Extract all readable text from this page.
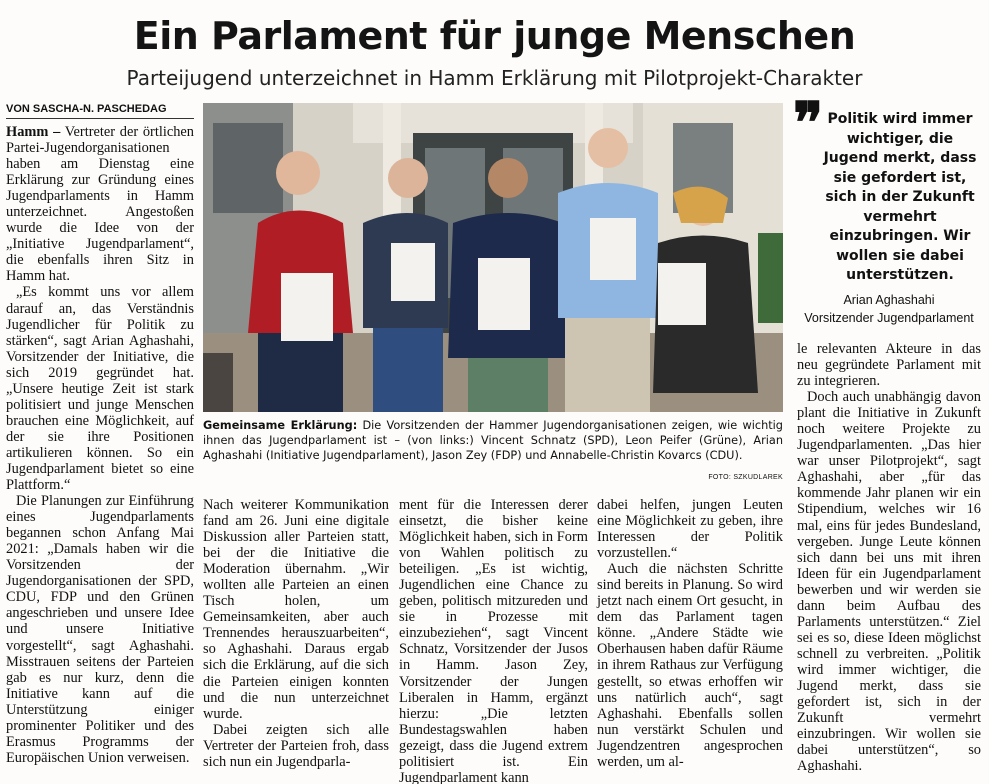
Ein Parlament für junge Menschen
Parteijugend unterzeichnet in Hamm Erklärung mit Pilotprojekt-Charakter
VON SASCHA-N. PASCHEDAG

Hamm – Vertreter der örtlichen Partei-Jugendorganisationen haben am Dienstag eine Erklärung zur Gründung eines Jugendparlaments in Hamm unterzeichnet. Angestoßen wurde die Idee von der „Initiative Jugendparlament“, die ebenfalls ihren Sitz in Hamm hat.

„Es kommt uns vor allem darauf an, das Verständnis Jugendlicher für Politik zu stärken“, sagt Arian Aghashahi, Vorsitzender der Initiative, die sich 2019 gegründet hat. „Unsere heutige Zeit ist stark politisiert und junge Menschen brauchen eine Möglichkeit, auf der sie ihre Positionen artikulieren können. So ein Jugendparlament bietet so eine Plattform.“

Die Planungen zur Einführung eines Jugendparlaments begannen schon Anfang Mai 2021: „Damals haben wir die Vorsitzenden der Jugendorganisationen der SPD, CDU, FDP und den Grünen angeschrieben und unsere Idee und unsere Initiative vorgestellt“, sagt Aghashahi. Misstrauen seitens der Parteien gab es nur kurz, denn die Initiative kann auf die Unterstützung einiger prominenter Politiker und des Erasmus Programms der Europäischen Union verweisen.

Gemeinsame Erklärung: Die Vorsitzenden der Hammer Jugendorganisationen zeigen, wie wichtig ihnen das Jugendparlament ist – (von links:) Vincent Schnatz (SPD), Leon Peifer (Grüne), Arian Aghashahi (Initiative Jugendparlament), Jason Zey (FDP) und Annabelle-Christin Kovarcs (CDU).
FOTO: SZKUDLAREK
❞ Politik wird immer wichtiger, die Jugend merkt, dass sie gefordert ist, sich in der Zukunft vermehrt einzubringen. Wir wollen sie dabei unterstützen.
Arian Aghashahi
Vorsitzender Jugendparlament

Nach weiterer Kommunikation fand am 26. Juni eine digitale Diskussion aller Parteien statt, bei der die Initiative die Moderation übernahm. „Wir wollten alle Parteien an einen Tisch holen, um Gemeinsamkeiten, aber auch Trennendes herauszuarbeiten“, so Aghashahi. Daraus ergab sich die Erklärung, auf die sich die Parteien einigen konnten und die nun unterzeichnet wurde.

Dabei zeigten sich alle Vertreter der Parteien froh, dass sich nun ein Jugendparla-

ment für die Interessen derer einsetzt, die bisher keine Möglichkeit haben, sich in Form von Wahlen politisch zu beteiligen. „Es ist wichtig, Jugendlichen eine Chance zu geben, politisch mitzureden und sie in Prozesse mit einzubeziehen“, sagt Vincent Schnatz, Vorsitzender der Jusos in Hamm. Jason Zey, Vorsitzender der Jungen Liberalen in Hamm, ergänzt hierzu: „Die letzten Bundestagswahlen haben gezeigt, dass die Jugend extrem politisiert ist. Ein Jugendparlament kann

dabei helfen, jungen Leuten eine Möglichkeit zu geben, ihre Interessen der Politik vorzustellen.“

Auch die nächsten Schritte sind bereits in Planung. So wird jetzt nach einem Ort gesucht, in dem das Parlament tagen könne. „Andere Städte wie Oberhausen haben dafür Räume in ihrem Rathaus zur Verfügung gestellt, so etwas erhoffen wir uns natürlich auch“, sagt Aghashahi. Ebenfalls sollen nun verstärkt Schulen und Jugendzentren angesprochen werden, um al-

le relevanten Akteure in das neu gegründete Parlament mit zu integrieren.

Doch auch unabhängig davon plant die Initiative in Zukunft noch weitere Projekte zu Jugendparlamenten. „Das hier war unser Pilotprojekt“, sagt Aghashahi, aber „für das kommende Jahr planen wir ein Stipendium, welches wir 16 mal, eins für jedes Bundesland, vergeben. Junge Leute können sich dann bei uns mit ihren Ideen für ein Jugendparlament bewerben und wir werden sie dann beim Aufbau des Parlaments unterstützen.“ Ziel sei es so, diese Ideen möglichst schnell zu verbreiten. „Politik wird immer wichtiger, die Jugend merkt, dass sie gefordert ist, sich in der Zukunft vermehrt einzubringen. Wir wollen sie dabei unterstützen“, so Aghashahi.
